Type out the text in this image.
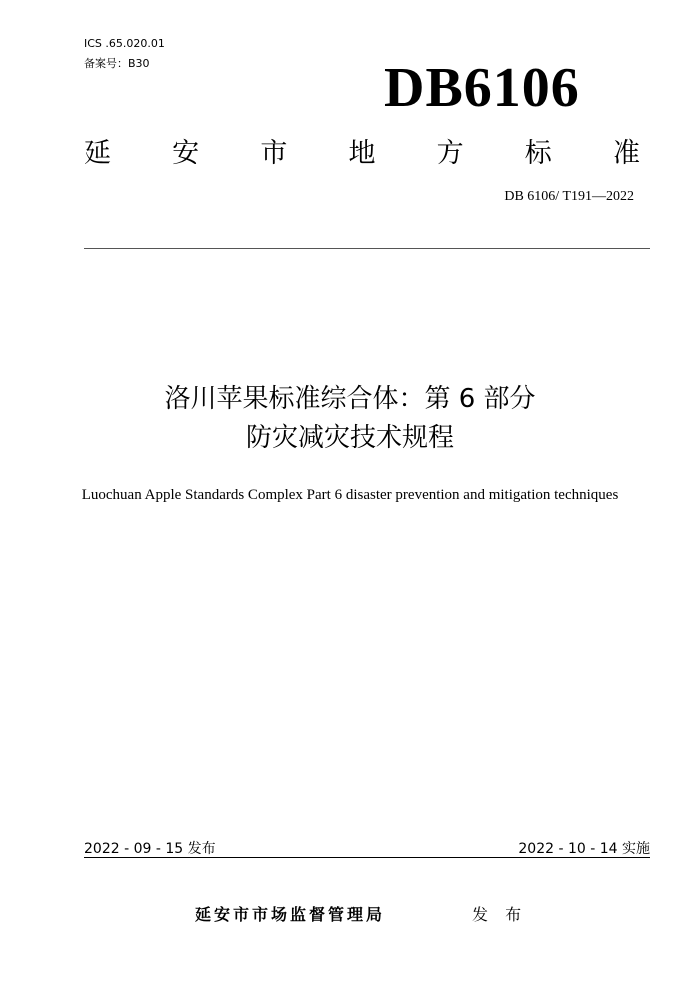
ICS .65.020.01
备案号：B30	DB6106
延 安 市 地 方 标 准
DB 6106/ T191—2022
洛川苹果标准综合体：第 6 部分
防灾减灾技术规程
Luochuan Apple Standards Complex Part 6 disaster prevention and mitigation techniques
2022 - 09 - 15 发布	2022 - 10 - 14 实施
延安市市场监督管理局	发 布
